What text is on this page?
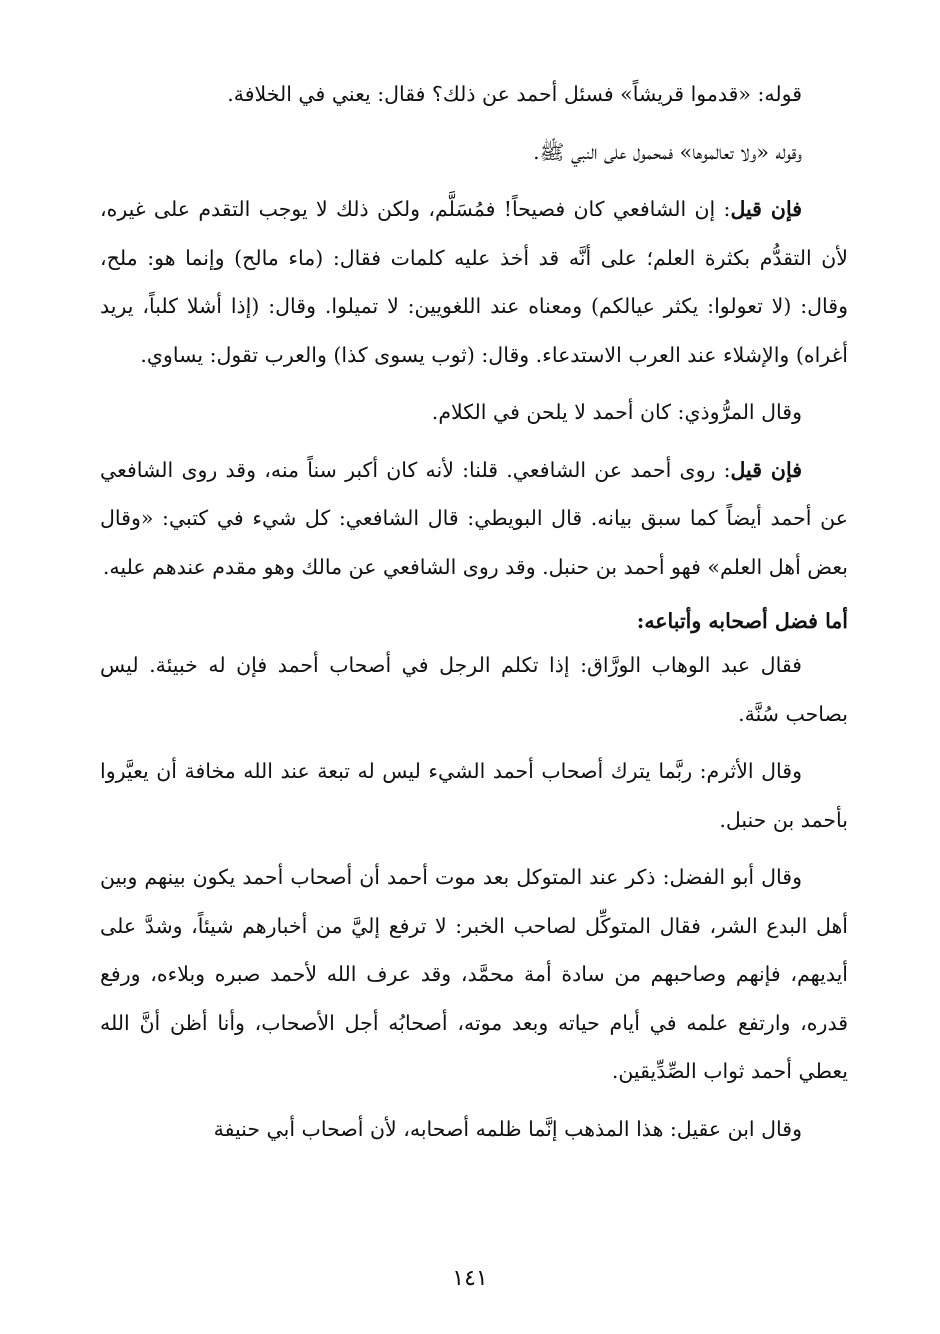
قوله: «قدموا قريشاً» فسئل أحمد عن ذلك؟ فقال: يعني في الخلافة.

وقوله «ولا تعالموها» فمحمول على النبي ﷺ.

فإن قيل: إن الشافعي كان فصيحاً! فمُسَلَّم، ولكن ذلك لا يوجب التقدم على غيره، لأن التقدُّم بكثرة العلم؛ على أنَّه قد أخذ عليه كلمات فقال: (ماء مالح) وإنما هو: ملح، وقال: (لا تعولوا: يكثر عيالكم) ومعناه عند اللغويين: لا تميلوا. وقال: (إذا أشلا كلباً، يريد أغراه) والإشلاء عند العرب الاستدعاء. وقال: (ثوب يسوى كذا) والعرب تقول: يساوي.

وقال المرُّوذي: كان أحمد لا يلحن في الكلام.

فإن قيل: روى أحمد عن الشافعي. قلنا: لأنه كان أكبر سناً منه، وقد روى الشافعي عن أحمد أيضاً كما سبق بيانه. قال البويطي: قال الشافعي: كل شيء في كتبي: «وقال بعض أهل العلم» فهو أحمد بن حنبل. وقد روى الشافعي عن مالك وهو مقدم عندهم عليه.

أما فضل أصحابه وأتباعه:

فقال عبد الوهاب الورَّاق: إذا تكلم الرجل في أصحاب أحمد فإن له خبيئة. ليس بصاحب سُنَّة.

وقال الأثرم: ربَّما يترك أصحاب أحمد الشيء ليس له تبعة عند الله مخافة أن يعيَّروا بأحمد بن حنبل.

وقال أبو الفضل: ذكر عند المتوكل بعد موت أحمد أن أصحاب أحمد يكون بينهم وبين أهل البدع الشر، فقال المتوكِّل لصاحب الخبر: لا ترفع إليَّ من أخبارهم شيئاً، وشدَّ على أيديهم، فإنهم وصاحبهم من سادة أمة محمَّد، وقد عرف الله لأحمد صبره وبلاءه، ورفع قدره، وارتفع علمه في أيام حياته وبعد موته، أصحابُه أجل الأصحاب، وأنا أظن أنَّ الله يعطي أحمد ثواب الصِّدِّيقين.

وقال ابن عقيل: هذا المذهب إنَّما ظلمه أصحابه، لأن أصحاب أبي حنيفة

١٤١
